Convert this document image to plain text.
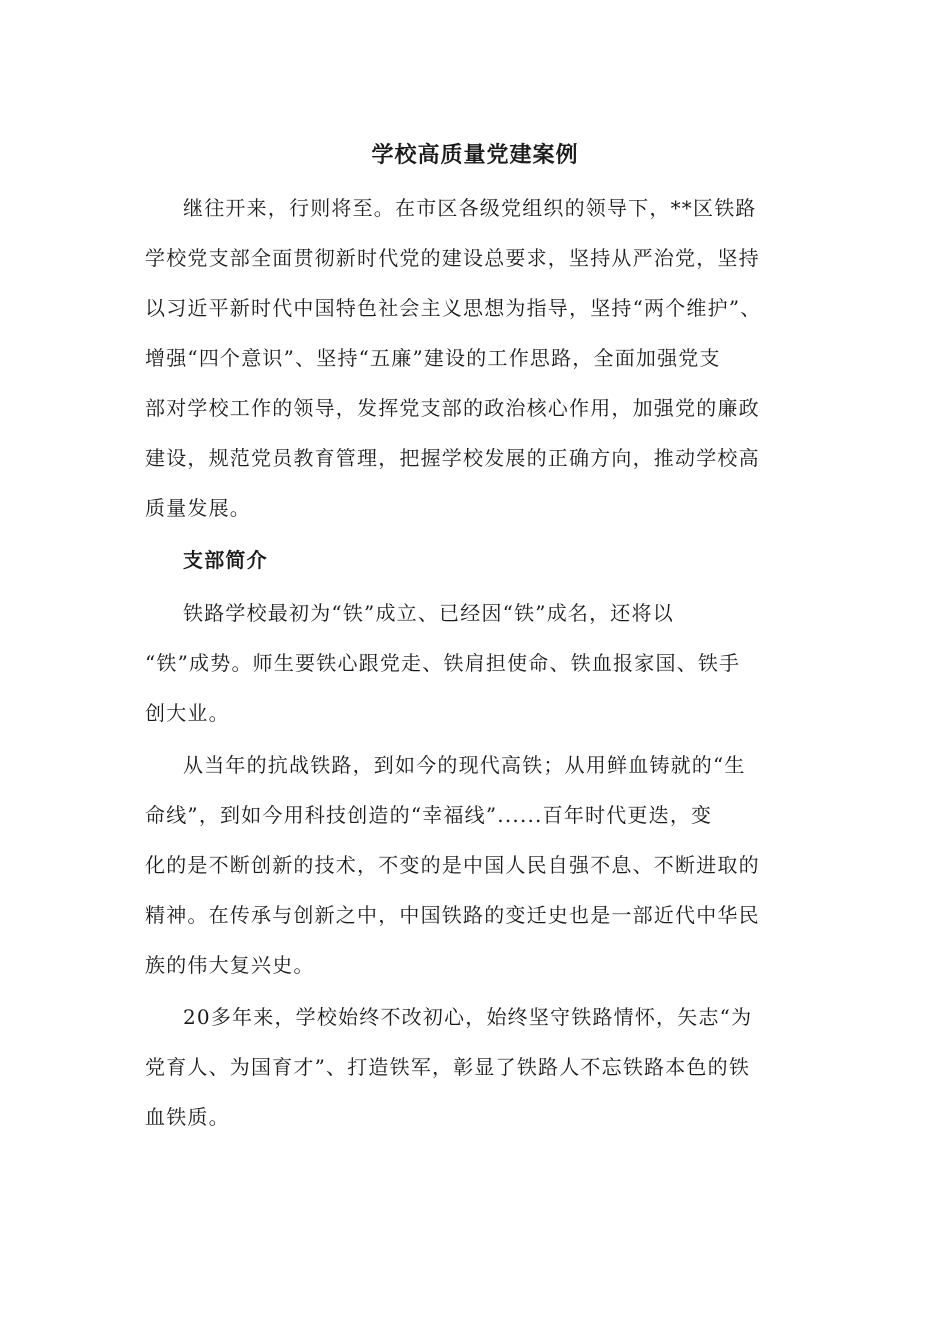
学校高质量党建案例
继往开来，行则将至。在市区各级党组织的领导下，**区铁路
学校党支部全面贯彻新时代党的建设总要求，坚持从严治党，坚持
以习近平新时代中国特色社会主义思想为指导，坚持“两个维护”、
增强“四个意识”、坚持“五廉”建设的工作思路，全面加强党支
部对学校工作的领导，发挥党支部的政治核心作用，加强党的廉政
建设，规范党员教育管理，把握学校发展的正确方向，推动学校高
质量发展。
支部简介
铁路学校最初为“铁”成立、已经因“铁”成名，还将以
“铁”成势。师生要铁心跟党走、铁肩担使命、铁血报家国、铁手
创大业。
从当年的抗战铁路，到如今的现代高铁；从用鲜血铸就的“生
命线”，到如今用科技创造的“幸福线”......百年时代更迭，变
化的是不断创新的技术，不变的是中国人民自强不息、不断进取的
精神。在传承与创新之中，中国铁路的变迁史也是一部近代中华民
族的伟大复兴史。
20多年来，学校始终不改初心，始终坚守铁路情怀，矢志“为
党育人、为国育才”、打造铁军，彰显了铁路人不忘铁路本色的铁
血铁质。
